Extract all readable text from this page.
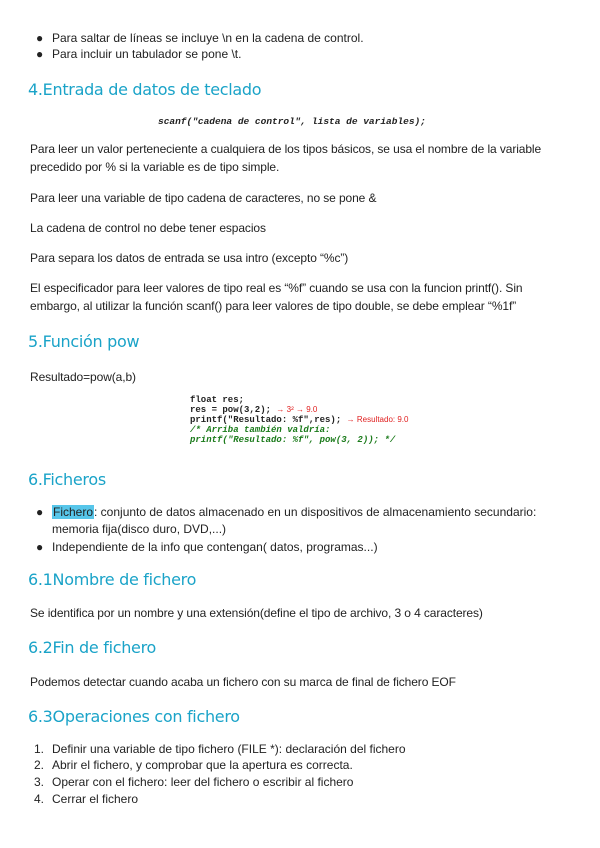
● Para saltar de líneas se incluye \n en la cadena de control.
● Para incluir un tabulador se pone \t.
4.Entrada de datos de teclado
scanf("cadena de control", lista de variables);
Para leer un valor perteneciente a cualquiera de los tipos básicos, se usa el nombre de la variable precedido por % si la variable es de tipo simple.
Para leer una variable de tipo cadena de caracteres, no se pone &
La cadena de control no debe tener espacios
Para separa los datos de entrada se usa intro (excepto “%c”)
El especificador para leer valores de tipo real es “%f” cuando se usa con la funcion printf(). Sin embargo, al utilizar la función scanf() para leer valores de tipo double, se debe emplear “%1f”
5.Función pow
Resultado=pow(a,b)
float res;
res = pow(3,2); → 3² → 9.0
printf("Resultado: %f",res); → Resultado: 9.0
/* Arriba también valdría:
printf("Resultado: %f", pow(3, 2)); */
6.Ficheros
● Fichero: conjunto de datos almacenado en un dispositivos de almacenamiento secundario: memoria fija(disco duro, DVD,...)
● Independiente de la info que contengan( datos, programas...)
6.1Nombre de fichero
Se identifica por un nombre y una extensión(define el tipo de archivo, 3 o 4 caracteres)
6.2Fin de fichero
Podemos detectar cuando acaba un fichero con su marca de final de fichero EOF
6.3Operaciones con fichero
1. Definir una variable de tipo fichero (FILE *): declaración del fichero
2. Abrir el fichero, y comprobar que la apertura es correcta.
3. Operar con el fichero: leer del fichero o escribir al fichero
4. Cerrar el fichero
